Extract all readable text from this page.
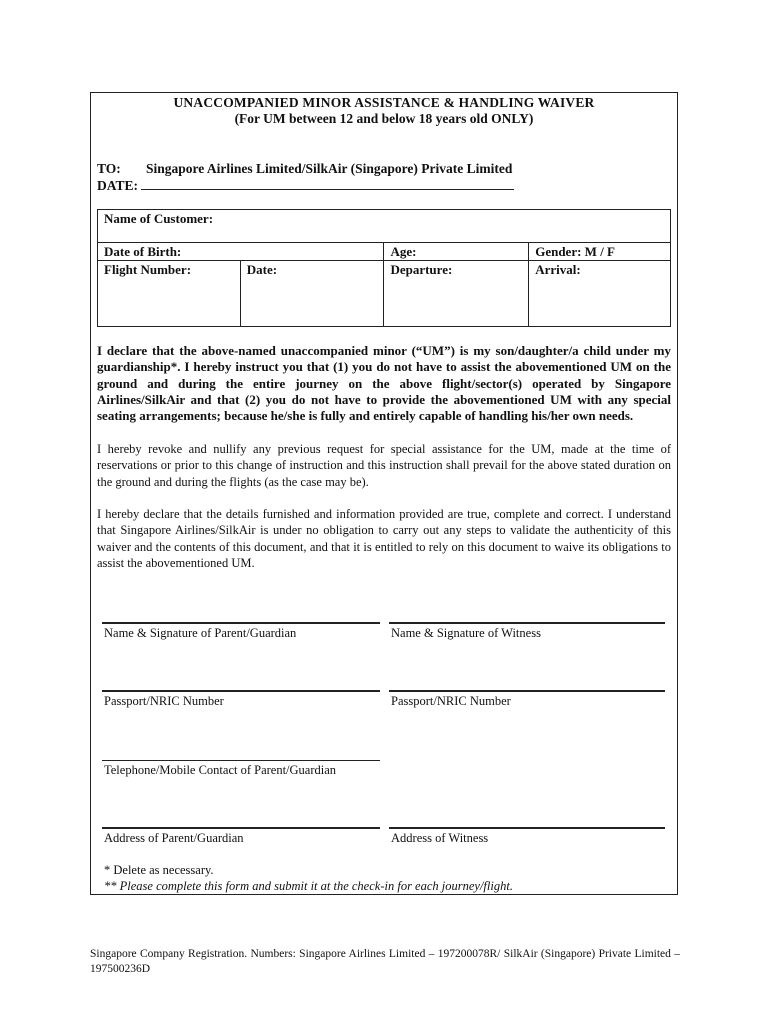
UNACCOMPANIED MINOR ASSISTANCE & HANDLING WAIVER
(For UM between 12 and below 18 years old ONLY)
TO: Singapore Airlines Limited/SilkAir (Singapore) Private Limited
DATE:
Name of Customer:			
Date of Birth:		Age:	Gender: M / F
Flight Number:	Date:	Departure:	Arrival:
I declare that the above-named unaccompanied minor (“UM”) is my son/daughter/a child under my guardianship*. I hereby instruct you that (1) you do not have to assist the abovementioned UM on the ground and during the entire journey on the above flight/sector(s) operated by Singapore Airlines/SilkAir and that (2) you do not have to provide the abovementioned UM with any special seating arrangements; because he/she is fully and entirely capable of handling his/her own needs.
I hereby revoke and nullify any previous request for special assistance for the UM, made at the time of reservations or prior to this change of instruction and this instruction shall prevail for the above stated duration on the ground and during the flights (as the case may be).
I hereby declare that the details furnished and information provided are true, complete and correct. I understand that Singapore Airlines/SilkAir is under no obligation to carry out any steps to validate the authenticity of this waiver and the contents of this document, and that it is entitled to rely on this document to waive its obligations to assist the abovementioned UM.
Name & Signature of Parent/Guardian	Name & Signature of Witness
Passport/NRIC Number	Passport/NRIC Number
Telephone/Mobile Contact of Parent/Guardian
Address of Parent/Guardian	Address of Witness
* Delete as necessary.
** Please complete this form and submit it at the check-in for each journey/flight.
Singapore Company Registration. Numbers: Singapore Airlines Limited – 197200078R/ SilkAir (Singapore) Private Limited – 197500236D
